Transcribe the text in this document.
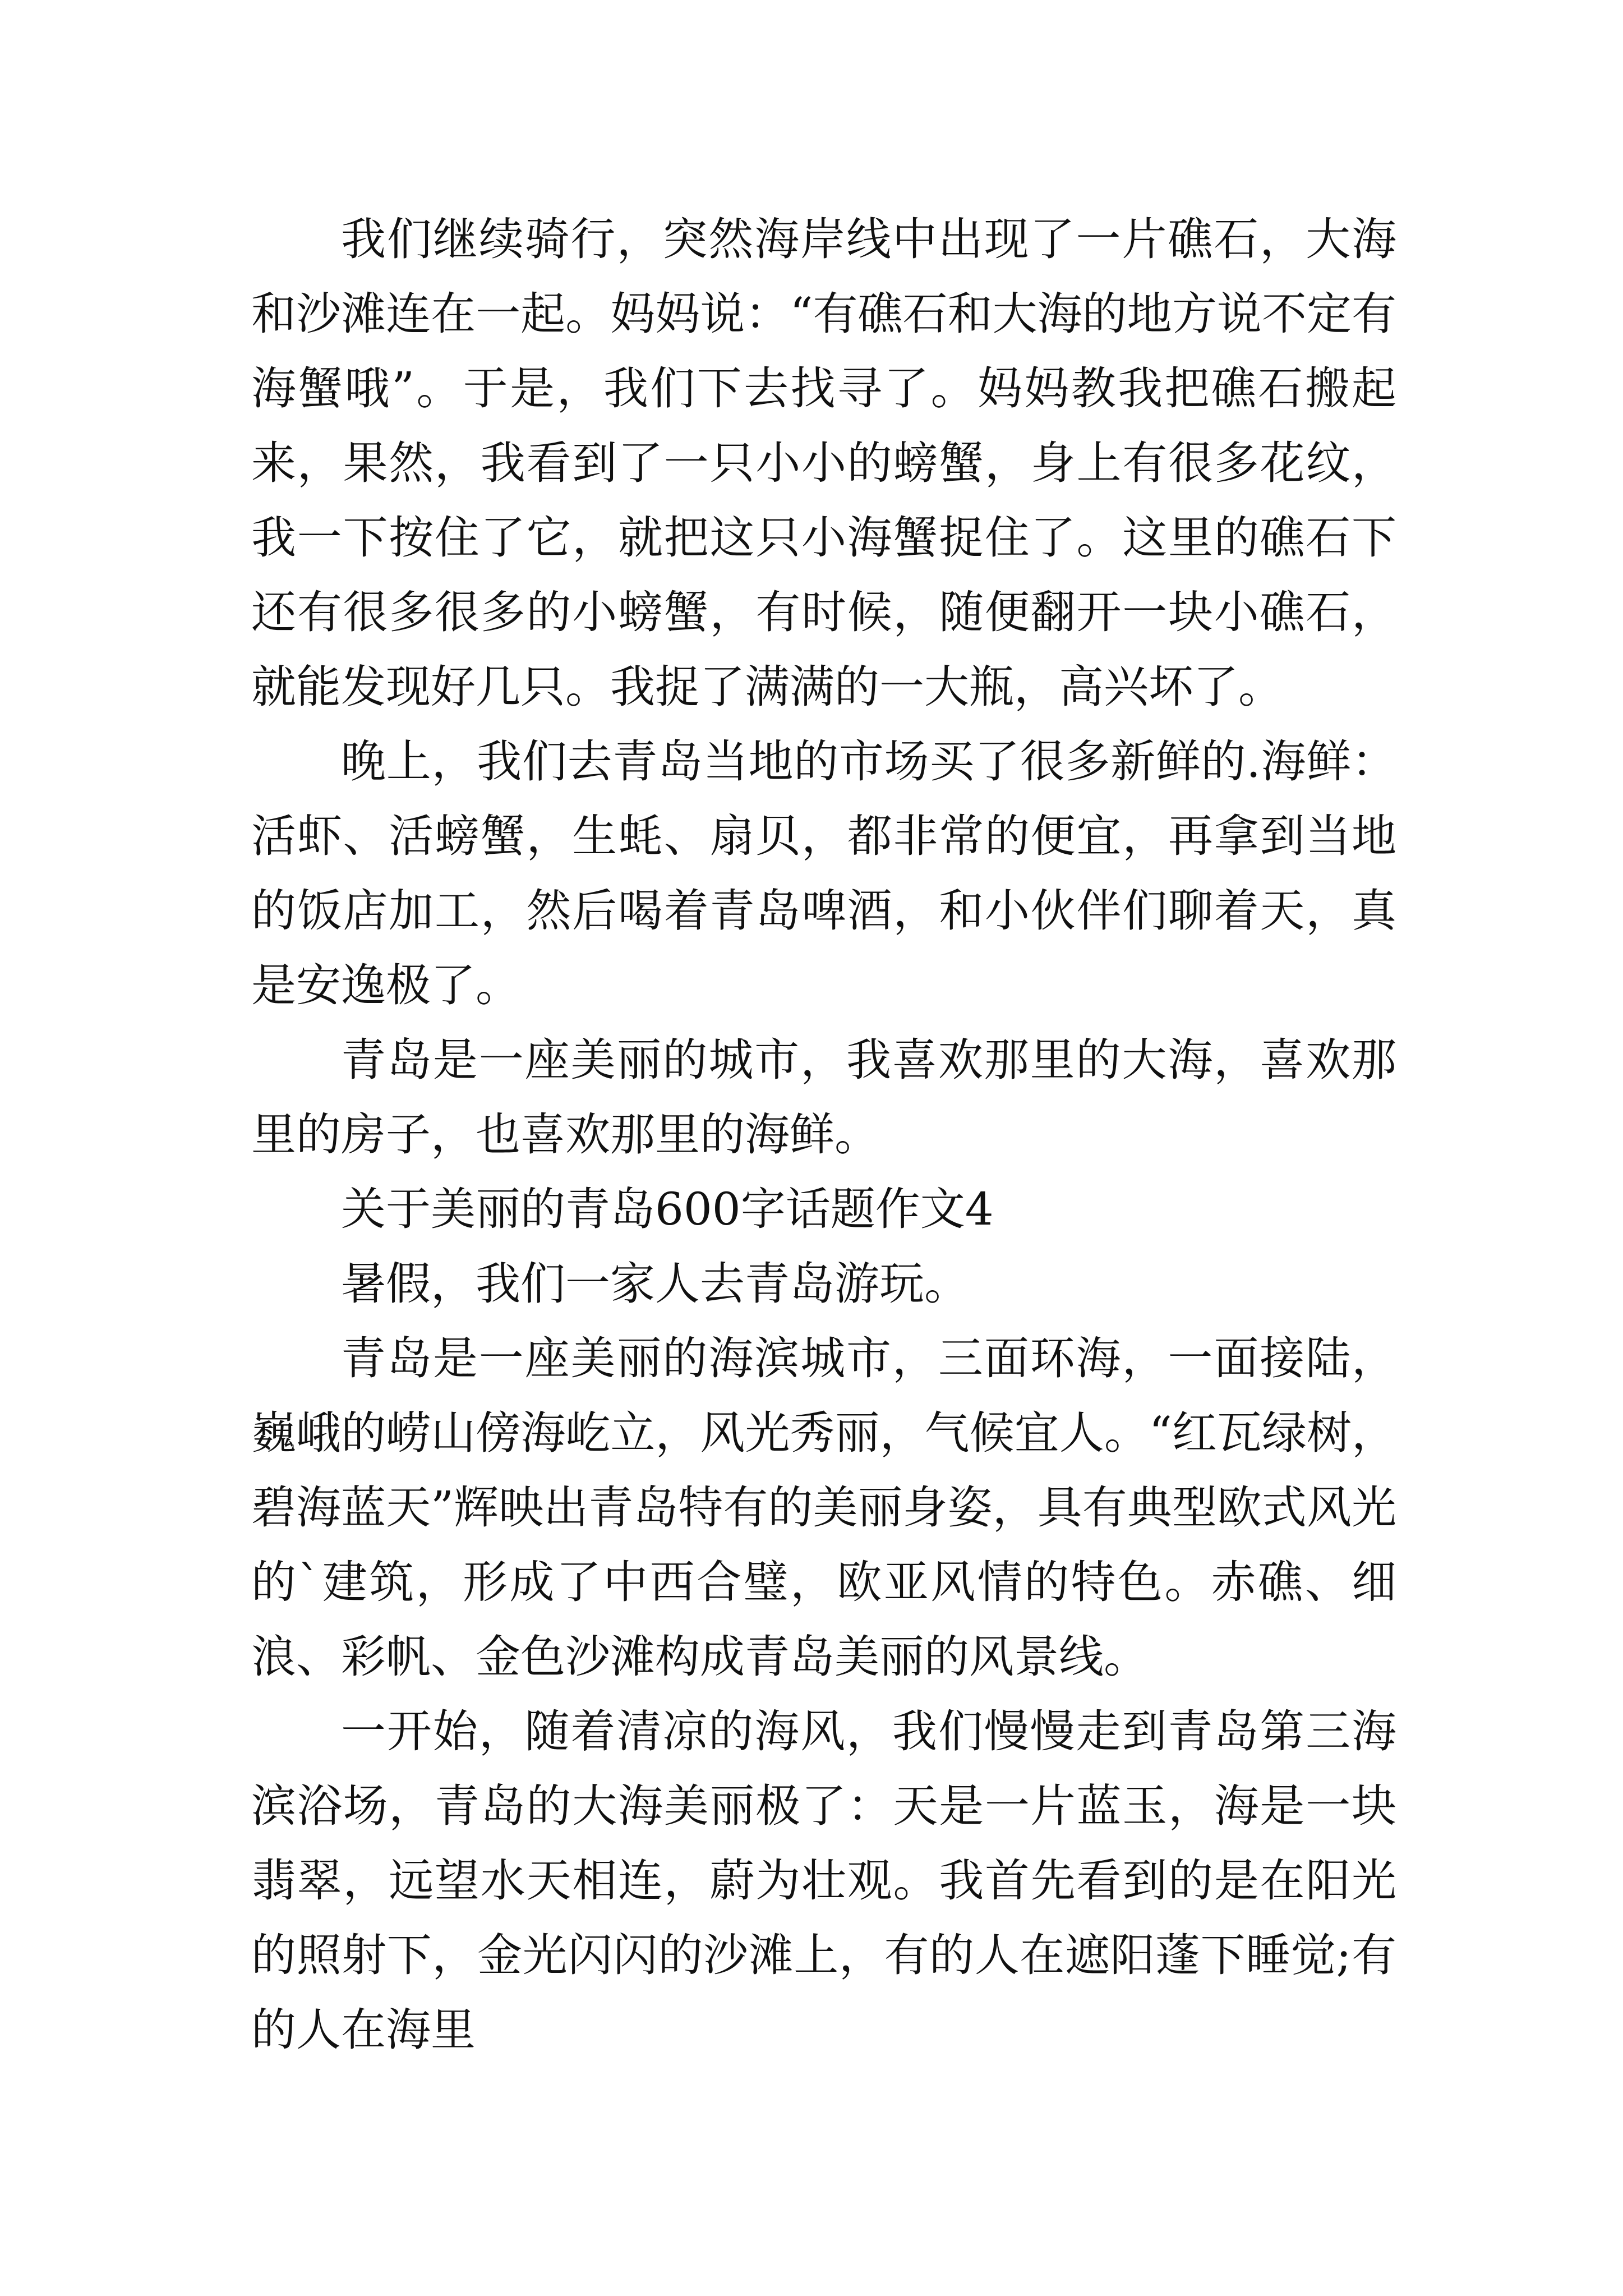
我们继续骑行，突然海岸线中出现了一片礁石，大海和沙滩连在一起。妈妈说：“有礁石和大海的地方说不定有海蟹哦”。于是，我们下去找寻了。妈妈教我把礁石搬起来，果然，我看到了一只小小的螃蟹，身上有很多花纹，我一下按住了它，就把这只小海蟹捉住了。这里的礁石下还有很多很多的小螃蟹，有时候，随便翻开一块小礁石，就能发现好几只。我捉了满满的一大瓶，高兴坏了。

晚上，我们去青岛当地的市场买了很多新鲜的.海鲜：活虾、活螃蟹，生蚝、扇贝，都非常的便宜，再拿到当地的饭店加工，然后喝着青岛啤酒，和小伙伴们聊着天，真是安逸极了。

青岛是一座美丽的城市，我喜欢那里的大海，喜欢那里的房子，也喜欢那里的海鲜。

关于美丽的青岛600字话题作文4

暑假，我们一家人去青岛游玩。

青岛是一座美丽的海滨城市，三面环海，一面接陆，巍峨的崂山傍海屹立，风光秀丽，气候宜人。“红瓦绿树，碧海蓝天”辉映出青岛特有的美丽身姿，具有典型欧式风光的`建筑，形成了中西合璧，欧亚风情的特色。赤礁、细浪、彩帆、金色沙滩构成青岛美丽的风景线。

一开始，随着清凉的海风，我们慢慢走到青岛第三海滨浴场，青岛的大海美丽极了：天是一片蓝玉，海是一块翡翠，远望水天相连，蔚为壮观。我首先看到的是在阳光的照射下，金光闪闪的沙滩上，有的人在遮阳蓬下睡觉;有的人在海里
